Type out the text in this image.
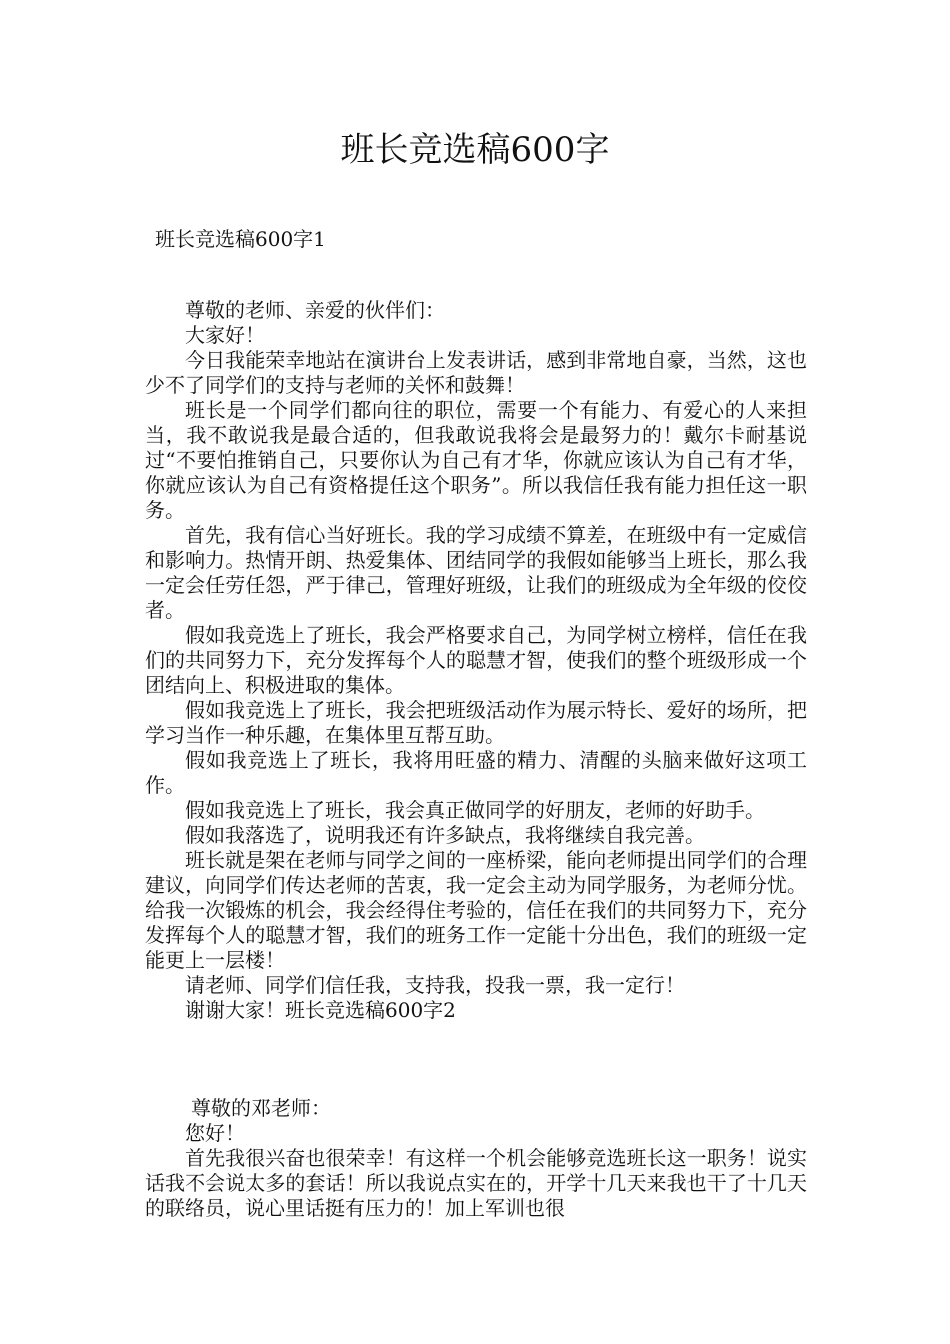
班长竞选稿600字
班长竞选稿600字1

尊敬的老师、亲爱的伙伴们：

大家好！

今日我能荣幸地站在演讲台上发表讲话，感到非常地自豪，当然，这也少不了同学们的支持与老师的关怀和鼓舞！

班长是一个同学们都向往的职位，需要一个有能力、有爱心的人来担当，我不敢说我是最合适的，但我敢说我将会是最努力的！戴尔卡耐基说过“不要怕推销自己，只要你认为自己有才华，你就应该认为自己有才华，你就应该认为自己有资格提任这个职务”。所以我信任我有能力担任这一职务。

首先，我有信心当好班长。我的学习成绩不算差，在班级中有一定威信和影响力。热情开朗、热爱集体、团结同学的我假如能够当上班长，那么我一定会任劳任怨，严于律己，管理好班级，让我们的班级成为全年级的佼佼者。

假如我竞选上了班长，我会严格要求自己，为同学树立榜样，信任在我们的共同努力下，充分发挥每个人的聪慧才智，使我们的整个班级形成一个团结向上、积极进取的集体。

假如我竞选上了班长，我会把班级活动作为展示特长、爱好的场所，把学习当作一种乐趣，在集体里互帮互助。

假如我竞选上了班长，我将用旺盛的精力、清醒的头脑来做好这项工作。

假如我竞选上了班长，我会真正做同学的好朋友，老师的好助手。

假如我落选了，说明我还有许多缺点，我将继续自我完善。

班长就是架在老师与同学之间的一座桥梁，能向老师提出同学们的合理建议，向同学们传达老师的苦衷，我一定会主动为同学服务，为老师分忧。给我一次锻炼的机会，我会经得住考验的，信任在我们的共同努力下，充分发挥每个人的聪慧才智，我们的班务工作一定能十分出色，我们的班级一定能更上一层楼！

请老师、同学们信任我，支持我，投我一票，我一定行！

谢谢大家！班长竞选稿600字2

尊敬的邓老师：

您好！

首先我很兴奋也很荣幸！有这样一个机会能够竞选班长这一职务！说实话我不会说太多的套话！所以我说点实在的，开学十几天来我也干了十几天的联络员，说心里话挺有压力的！加上军训也很
